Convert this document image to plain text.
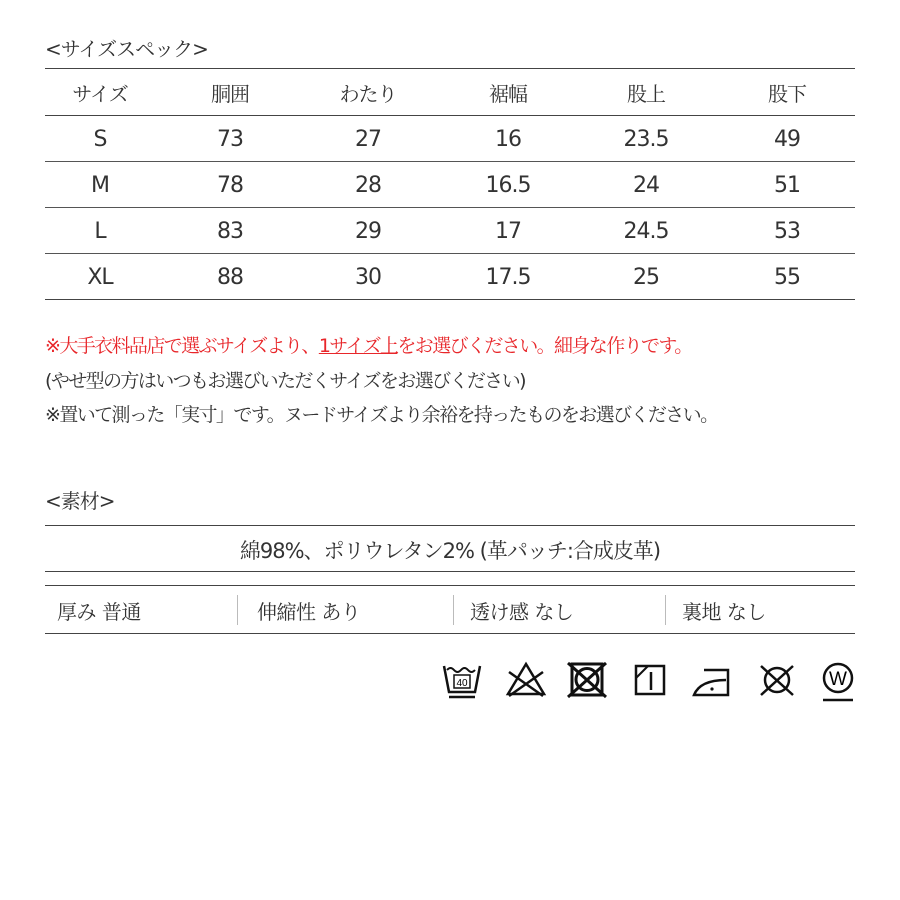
<サイズスペック>
サイズ	胴囲	わたり	裾幅	股上	股下
S	73	27	16	23.5	49
M	78	28	16.5	24	51
L	83	29	17	24.5	53
XL	88	30	17.5	25	55
※大手衣料品店で選ぶサイズより、1サイズ上をお選びください。細身な作りです。
(やせ型の方はいつもお選びいただくサイズをお選びください)
※置いて測った「実寸」です。ヌードサイズより余裕を持ったものをお選びください。
<素材>
綿98%、ポリウレタン2% (革パッチ:合成皮革)
厚み 普通	伸縮性 あり	透け感 なし	裏地 なし
40	W
